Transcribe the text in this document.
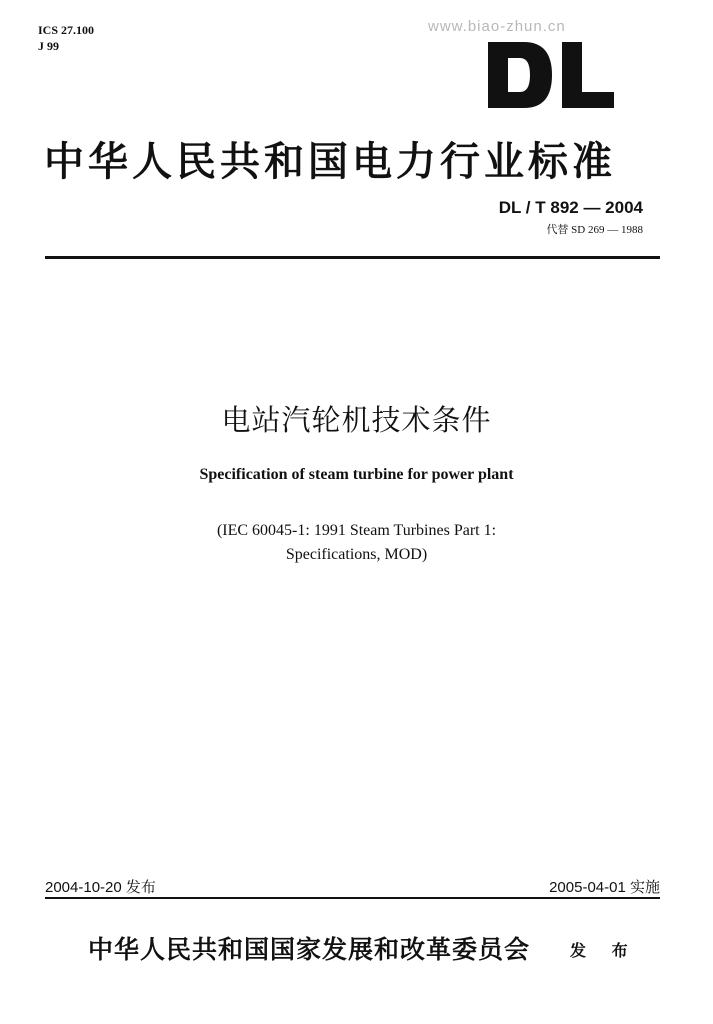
ICS 27.100
J 99
www.biao-zhun.cn
DL
中华人民共和国电力行业标准
DL / T 892 — 2004
代替 SD 269 — 1988
电站汽轮机技术条件
Specification of steam turbine for power plant
(IEC 60045-1: 1991 Steam Turbines Part 1:
Specifications, MOD)
2004-10-20 发布	2005-04-01 实施
中华人民共和国国家发展和改革委员会 发 布
